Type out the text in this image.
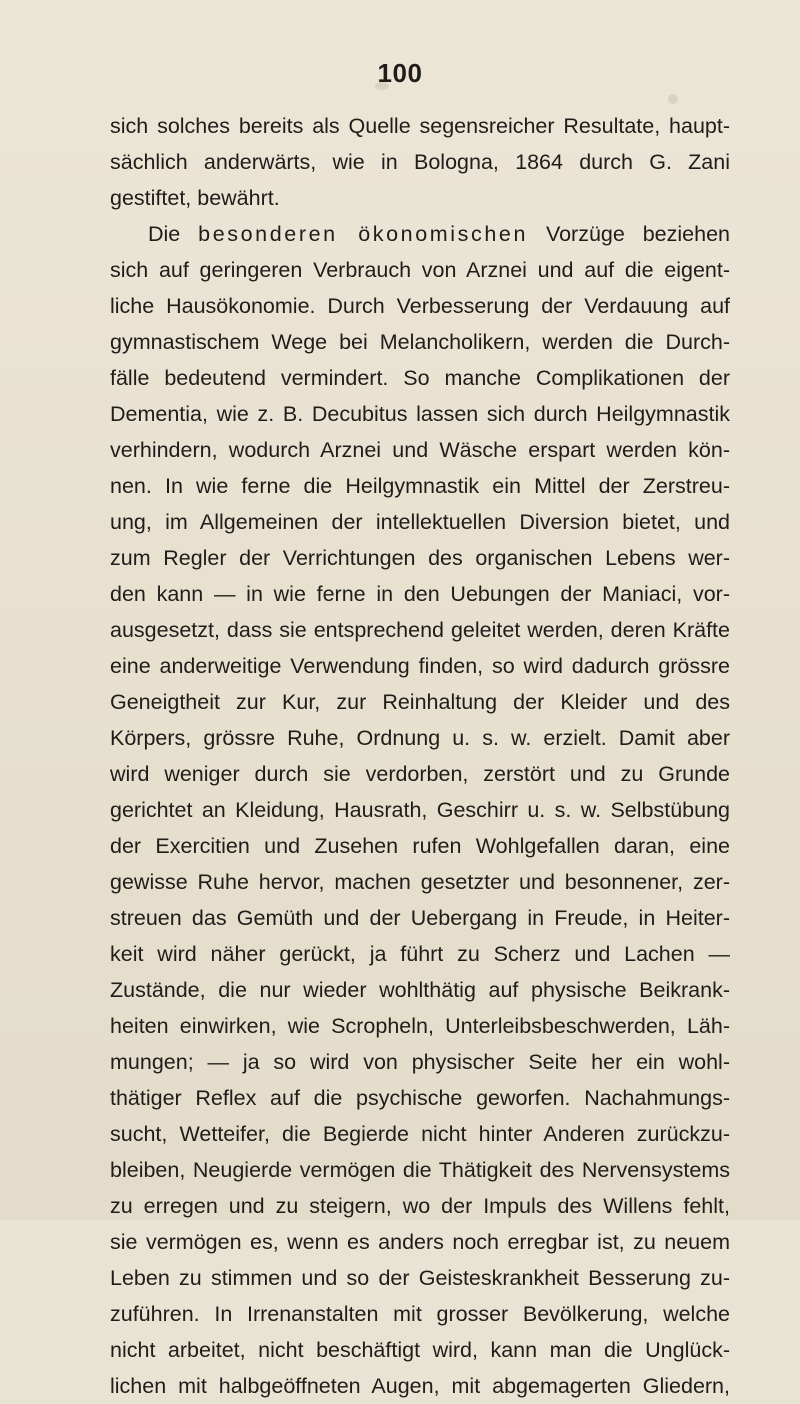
100
sich solches bereits als Quelle segensreicher Resultate, haupt-
sächlich anderwärts, wie in Bologna, 1864 durch G. Zani
gestiftet, bewährt.
Die besonderen ökonomischen Vorzüge beziehen
sich auf geringeren Verbrauch von Arznei und auf die eigent-
liche Hausökonomie. Durch Verbesserung der Verdauung auf
gymnastischem Wege bei Melancholikern, werden die Durch-
fälle bedeutend vermindert. So manche Complikationen der
Dementia, wie z. B. Decubitus lassen sich durch Heilgymnastik
verhindern, wodurch Arznei und Wäsche erspart werden kön-
nen. In wie ferne die Heilgymnastik ein Mittel der Zerstreu-
ung, im Allgemeinen der intellektuellen Diversion bietet, und
zum Regler der Verrichtungen des organischen Lebens wer-
den kann — in wie ferne in den Uebungen der Maniaci, vor-
ausgesetzt, dass sie entsprechend geleitet werden, deren Kräfte
eine anderweitige Verwendung finden, so wird dadurch grössre
Geneigtheit zur Kur, zur Reinhaltung der Kleider und des
Körpers, grössre Ruhe, Ordnung u. s. w. erzielt. Damit aber
wird weniger durch sie verdorben, zerstört und zu Grunde
gerichtet an Kleidung, Hausrath, Geschirr u. s. w. Selbstübung
der Exercitien und Zusehen rufen Wohlgefallen daran, eine
gewisse Ruhe hervor, machen gesetzter und besonnener, zer-
streuen das Gemüth und der Uebergang in Freude, in Heiter-
keit wird näher gerückt, ja führt zu Scherz und Lachen —
Zustände, die nur wieder wohlthätig auf physische Beikrank-
heiten einwirken, wie Scropheln, Unterleibsbeschwerden, Läh-
mungen; — ja so wird von physischer Seite her ein wohl-
thätiger Reflex auf die psychische geworfen. Nachahmungs-
sucht, Wetteifer, die Begierde nicht hinter Anderen zurückzu-
bleiben, Neugierde vermögen die Thätigkeit des Nervensystems
zu erregen und zu steigern, wo der Impuls des Willens fehlt,
sie vermögen es, wenn es anders noch erregbar ist, zu neuem
Leben zu stimmen und so der Geisteskrankheit Besserung zu-
zuführen. In Irrenanstalten mit grosser Bevölkerung, welche
nicht arbeitet, nicht beschäftigt wird, kann man die Unglück-
lichen mit halbgeöffneten Augen, mit abgemagerten Gliedern,
